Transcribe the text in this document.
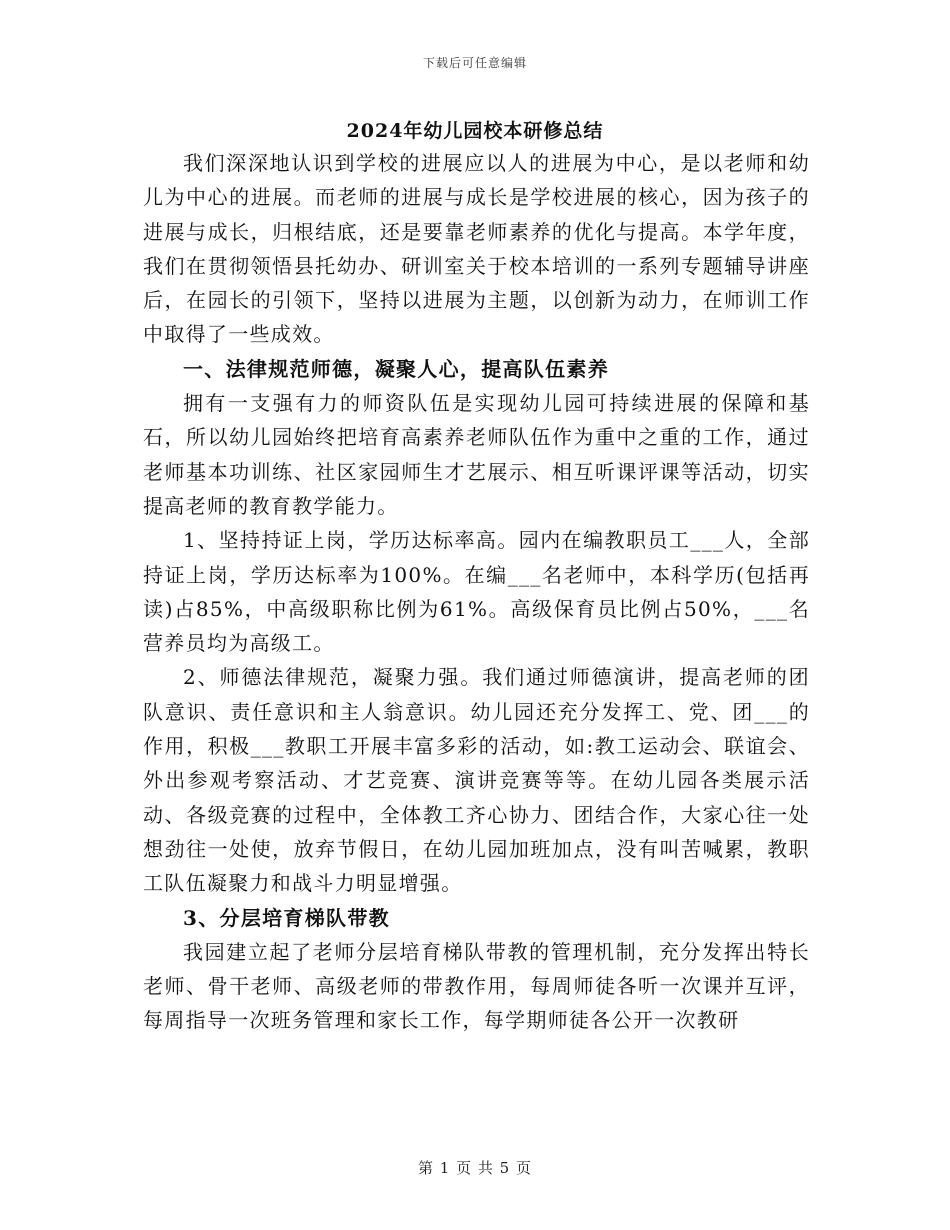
下载后可任意编辑
2024年幼儿园校本研修总结

我们深深地认识到学校的进展应以人的进展为中心，是以老师和幼儿为中心的进展。而老师的进展与成长是学校进展的核心，因为孩子的进展与成长，归根结底，还是要靠老师素养的优化与提高。本学年度，我们在贯彻领悟县托幼办、研训室关于校本培训的一系列专题辅导讲座后，在园长的引领下，坚持以进展为主题，以创新为动力，在师训工作中取得了一些成效。

一、法律规范师德，凝聚人心，提高队伍素养

拥有一支强有力的师资队伍是实现幼儿园可持续进展的保障和基石，所以幼儿园始终把培育高素养老师队伍作为重中之重的工作，通过老师基本功训练、社区家园师生才艺展示、相互听课评课等活动，切实提高老师的教育教学能力。

1、坚持持证上岗，学历达标率高。园内在编教职员工___人，全部持证上岗，学历达标率为100%。在编___名老师中，本科学历(包括再读)占85%，中高级职称比例为61%。高级保育员比例占50%，___名营养员均为高级工。

2、师德法律规范，凝聚力强。我们通过师德演讲，提高老师的团队意识、责任意识和主人翁意识。幼儿园还充分发挥工、党、团___的作用，积极___教职工开展丰富多彩的活动，如:教工运动会、联谊会、外出参观考察活动、才艺竞赛、演讲竞赛等等。在幼儿园各类展示活动、各级竞赛的过程中，全体教工齐心协力、团结合作，大家心往一处想劲往一处使，放弃节假日，在幼儿园加班加点，没有叫苦喊累，教职工队伍凝聚力和战斗力明显增强。

3、分层培育梯队带教

我园建立起了老师分层培育梯队带教的管理机制，充分发挥出特长老师、骨干老师、高级老师的带教作用，每周师徒各听一次课并互评，每周指导一次班务管理和家长工作，每学期师徒各公开一次教研

第 1 页 共 5 页
